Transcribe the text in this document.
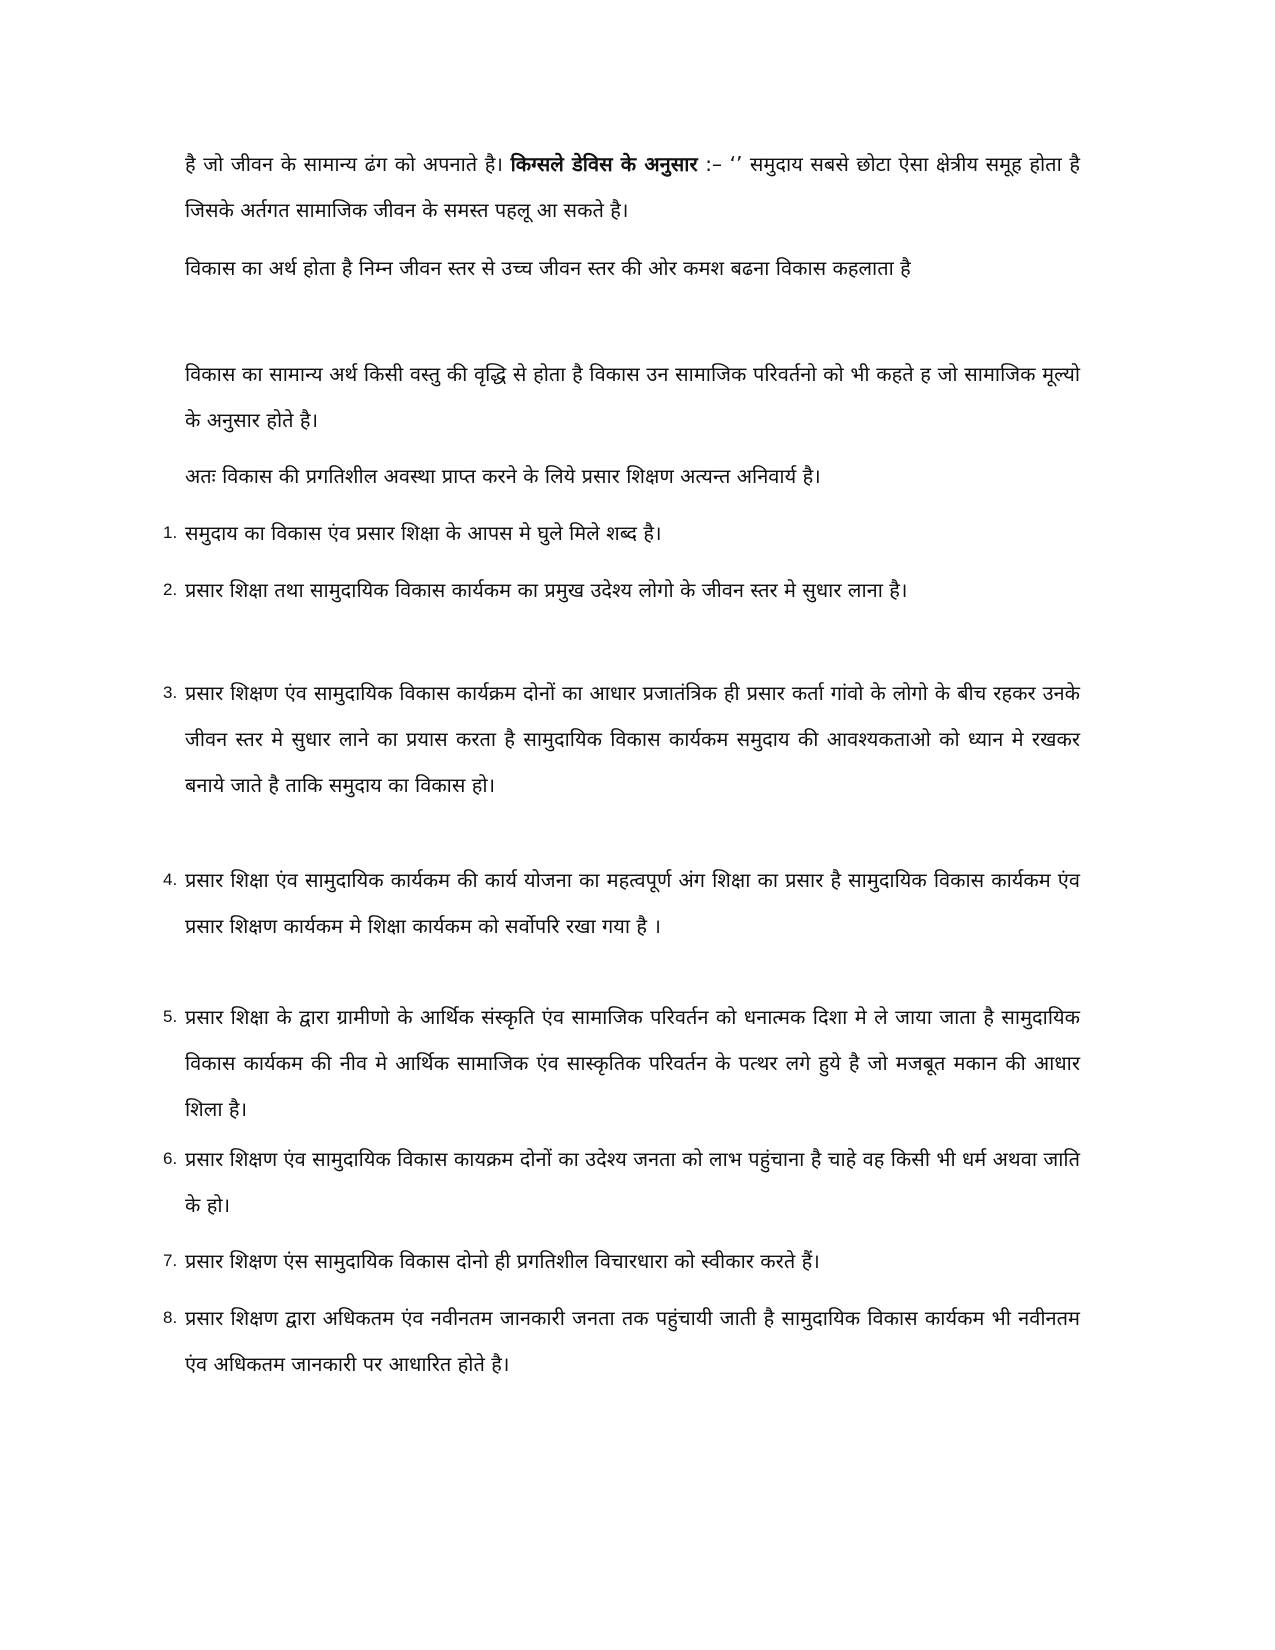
है जो जीवन के सामान्य ढंग को अपनाते है। किग्सले डेविस के अनुसार :– ‘’ समुदाय सबसे छोटा ऐसा क्षेत्रीय समूह होता है जिसके अर्तगत सामाजिक जीवन के समस्त पहलू आ सकते है।

विकास का अर्थ होता है निम्न जीवन स्तर से उच्च जीवन स्तर की ओर कमश बढना विकास कहलाता है

विकास का सामान्य अर्थ किसी वस्तु की वृद्धि से होता है विकास उन सामाजिक परिवर्तनो को भी कहते ह जो सामाजिक मूल्यो के अनुसार होते है।

अतः विकास की प्रगतिशील अवस्था प्राप्त करने के लिये प्रसार शिक्षण अत्यन्त अनिवार्य है।

1. समुदाय का विकास एंव प्रसार शिक्षा के आपस मे घुले मिले शब्द है।
2. प्रसार शिक्षा तथा सामुदायिक विकास कार्यकम का प्रमुख उदेश्य लोगो के जीवन स्तर मे सुधार लाना है।
3. प्रसार शिक्षण एंव सामुदायिक विकास कार्यक्रम दोनों का आधार प्रजातंत्रिक ही प्रसार कर्ता गांवो के लोगो के बीच रहकर उनके जीवन स्तर मे सुधार लाने का प्रयास करता है सामुदायिक विकास कार्यकम समुदाय की आवश्यकताओ को ध्यान मे रखकर बनाये जाते है ताकि समुदाय का विकास हो।
4. प्रसार शिक्षा एंव सामुदायिक कार्यकम की कार्य योजना का महत्वपूर्ण अंग शिक्षा का प्रसार है सामुदायिक विकास कार्यकम एंव प्रसार शिक्षण कार्यकम मे शिक्षा कार्यकम को सर्वोपरि रखा गया है ।
5. प्रसार शिक्षा के द्वारा ग्रामीणो के आर्थिक संस्कृति एंव सामाजिक परिवर्तन को धनात्मक दिशा मे ले जाया जाता है सामुदायिक विकास कार्यकम की नीव मे आर्थिक सामाजिक एंव सास्कृतिक परिवर्तन के पत्थर लगे हुये है जो मजबूत मकान की आधार शिला है।
6. प्रसार शिक्षण एंव सामुदायिक विकास कायक्रम दोनों का उदेश्य जनता को लाभ पहुंचाना है चाहे वह किसी भी धर्म अथवा जाति के हो।
7. प्रसार शिक्षण एंस सामुदायिक विकास दोनो ही प्रगतिशील विचारधारा को स्वीकार करते हैं।
8. प्रसार शिक्षण द्वारा अधिकतम एंव नवीनतम जानकारी जनता तक पहुंचायी जाती है सामुदायिक विकास कार्यकम भी नवीनतम एंव अधिकतम जानकारी पर आधारित होते है।
